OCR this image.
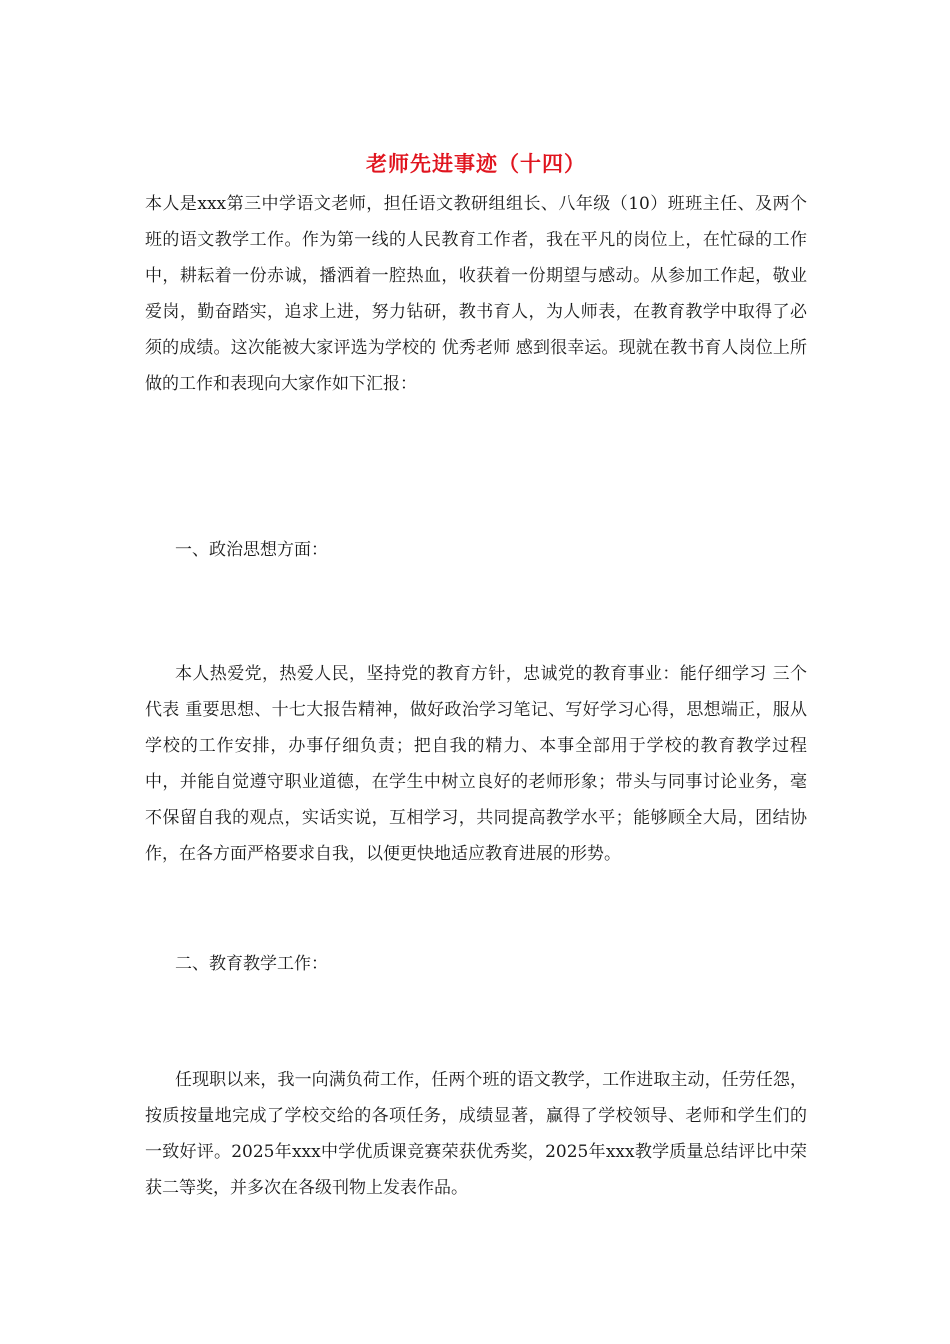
老师先进事迹（十四）

本人是xxx第三中学语文老师，担任语文教研组组长、八年级（10）班班主任、及两个班的语文教学工作。作为第一线的人民教育工作者，我在平凡的岗位上，在忙碌的工作中，耕耘着一份赤诚，播洒着一腔热血，收获着一份期望与感动。从参加工作起，敬业爱岗，勤奋踏实，追求上进，努力钻研，教书育人，为人师表，在教育教学中取得了必须的成绩。这次能被大家评选为学校的 优秀老师 感到很幸运。现就在教书育人岗位上所做的工作和表现向大家作如下汇报：

一、政治思想方面：

本人热爱党，热爱人民，坚持党的教育方针，忠诚党的教育事业：能仔细学习 三个代表 重要思想、十七大报告精神，做好政治学习笔记、写好学习心得，思想端正，服从学校的工作安排，办事仔细负责；把自我的精力、本事全部用于学校的教育教学过程中，并能自觉遵守职业道德，在学生中树立良好的老师形象；带头与同事讨论业务，毫不保留自我的观点，实话实说，互相学习，共同提高教学水平；能够顾全大局，团结协作，在各方面严格要求自我，以便更快地适应教育进展的形势。

二、教育教学工作：

任现职以来，我一向满负荷工作，任两个班的语文教学，工作进取主动，任劳任怨，按质按量地完成了学校交给的各项任务，成绩显著，赢得了学校领导、老师和学生们的一致好评。2025年xxx中学优质课竞赛荣获优秀奖，2025年xxx教学质量总结评比中荣获二等奖，并多次在各级刊物上发表作品。
